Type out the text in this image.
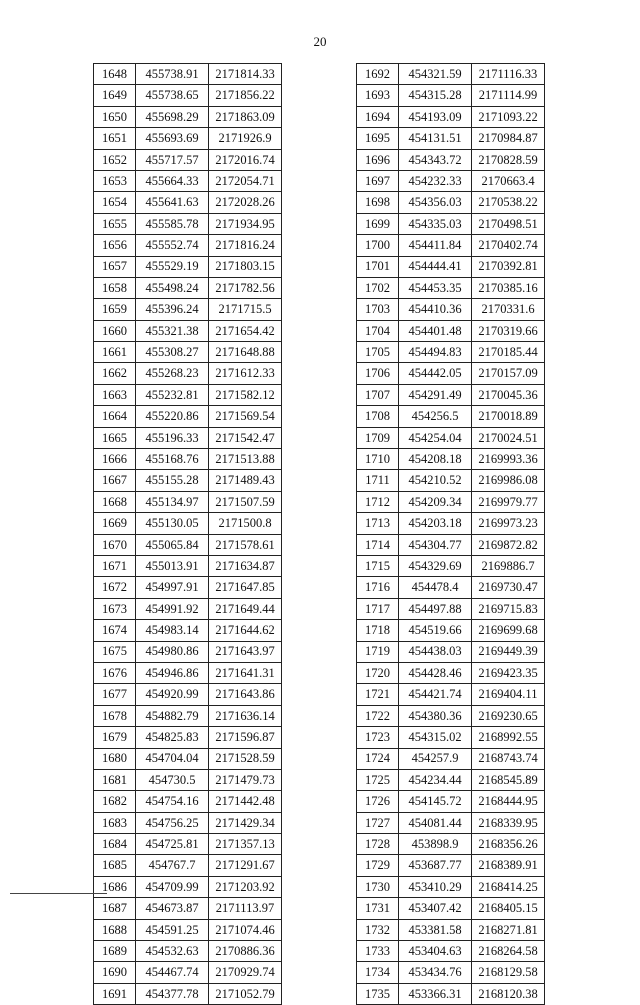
20
1648	455738.91	2171814.33
1649	455738.65	2171856.22
1650	455698.29	2171863.09
1651	455693.69	2171926.9
1652	455717.57	2172016.74
1653	455664.33	2172054.71
1654	455641.63	2172028.26
1655	455585.78	2171934.95
1656	455552.74	2171816.24
1657	455529.19	2171803.15
1658	455498.24	2171782.56
1659	455396.24	2171715.5
1660	455321.38	2171654.42
1661	455308.27	2171648.88
1662	455268.23	2171612.33
1663	455232.81	2171582.12
1664	455220.86	2171569.54
1665	455196.33	2171542.47
1666	455168.76	2171513.88
1667	455155.28	2171489.43
1668	455134.97	2171507.59
1669	455130.05	2171500.8
1670	455065.84	2171578.61
1671	455013.91	2171634.87
1672	454997.91	2171647.85
1673	454991.92	2171649.44
1674	454983.14	2171644.62
1675	454980.86	2171643.97
1676	454946.86	2171641.31
1677	454920.99	2171643.86
1678	454882.79	2171636.14
1679	454825.83	2171596.87
1680	454704.04	2171528.59
1681	454730.5	2171479.73
1682	454754.16	2171442.48
1683	454756.25	2171429.34
1684	454725.81	2171357.13
1685	454767.7	2171291.67
1686	454709.99	2171203.92
1687	454673.87	2171113.97
1688	454591.25	2171074.46
1689	454532.63	2170886.36
1690	454467.74	2170929.74
1691	454377.78	2171052.79
1692	454321.59	2171116.33
1693	454315.28	2171114.99
1694	454193.09	2171093.22
1695	454131.51	2170984.87
1696	454343.72	2170828.59
1697	454232.33	2170663.4
1698	454356.03	2170538.22
1699	454335.03	2170498.51
1700	454411.84	2170402.74
1701	454444.41	2170392.81
1702	454453.35	2170385.16
1703	454410.36	2170331.6
1704	454401.48	2170319.66
1705	454494.83	2170185.44
1706	454442.05	2170157.09
1707	454291.49	2170045.36
1708	454256.5	2170018.89
1709	454254.04	2170024.51
1710	454208.18	2169993.36
1711	454210.52	2169986.08
1712	454209.34	2169979.77
1713	454203.18	2169973.23
1714	454304.77	2169872.82
1715	454329.69	2169886.7
1716	454478.4	2169730.47
1717	454497.88	2169715.83
1718	454519.66	2169699.68
1719	454438.03	2169449.39
1720	454428.46	2169423.35
1721	454421.74	2169404.11
1722	454380.36	2169230.65
1723	454315.02	2168992.55
1724	454257.9	2168743.74
1725	454234.44	2168545.89
1726	454145.72	2168444.95
1727	454081.44	2168339.95
1728	453898.9	2168356.26
1729	453687.77	2168389.91
1730	453410.29	2168414.25
1731	453407.42	2168405.15
1732	453381.58	2168271.81
1733	453404.63	2168264.58
1734	453434.76	2168129.58
1735	453366.31	2168120.38
